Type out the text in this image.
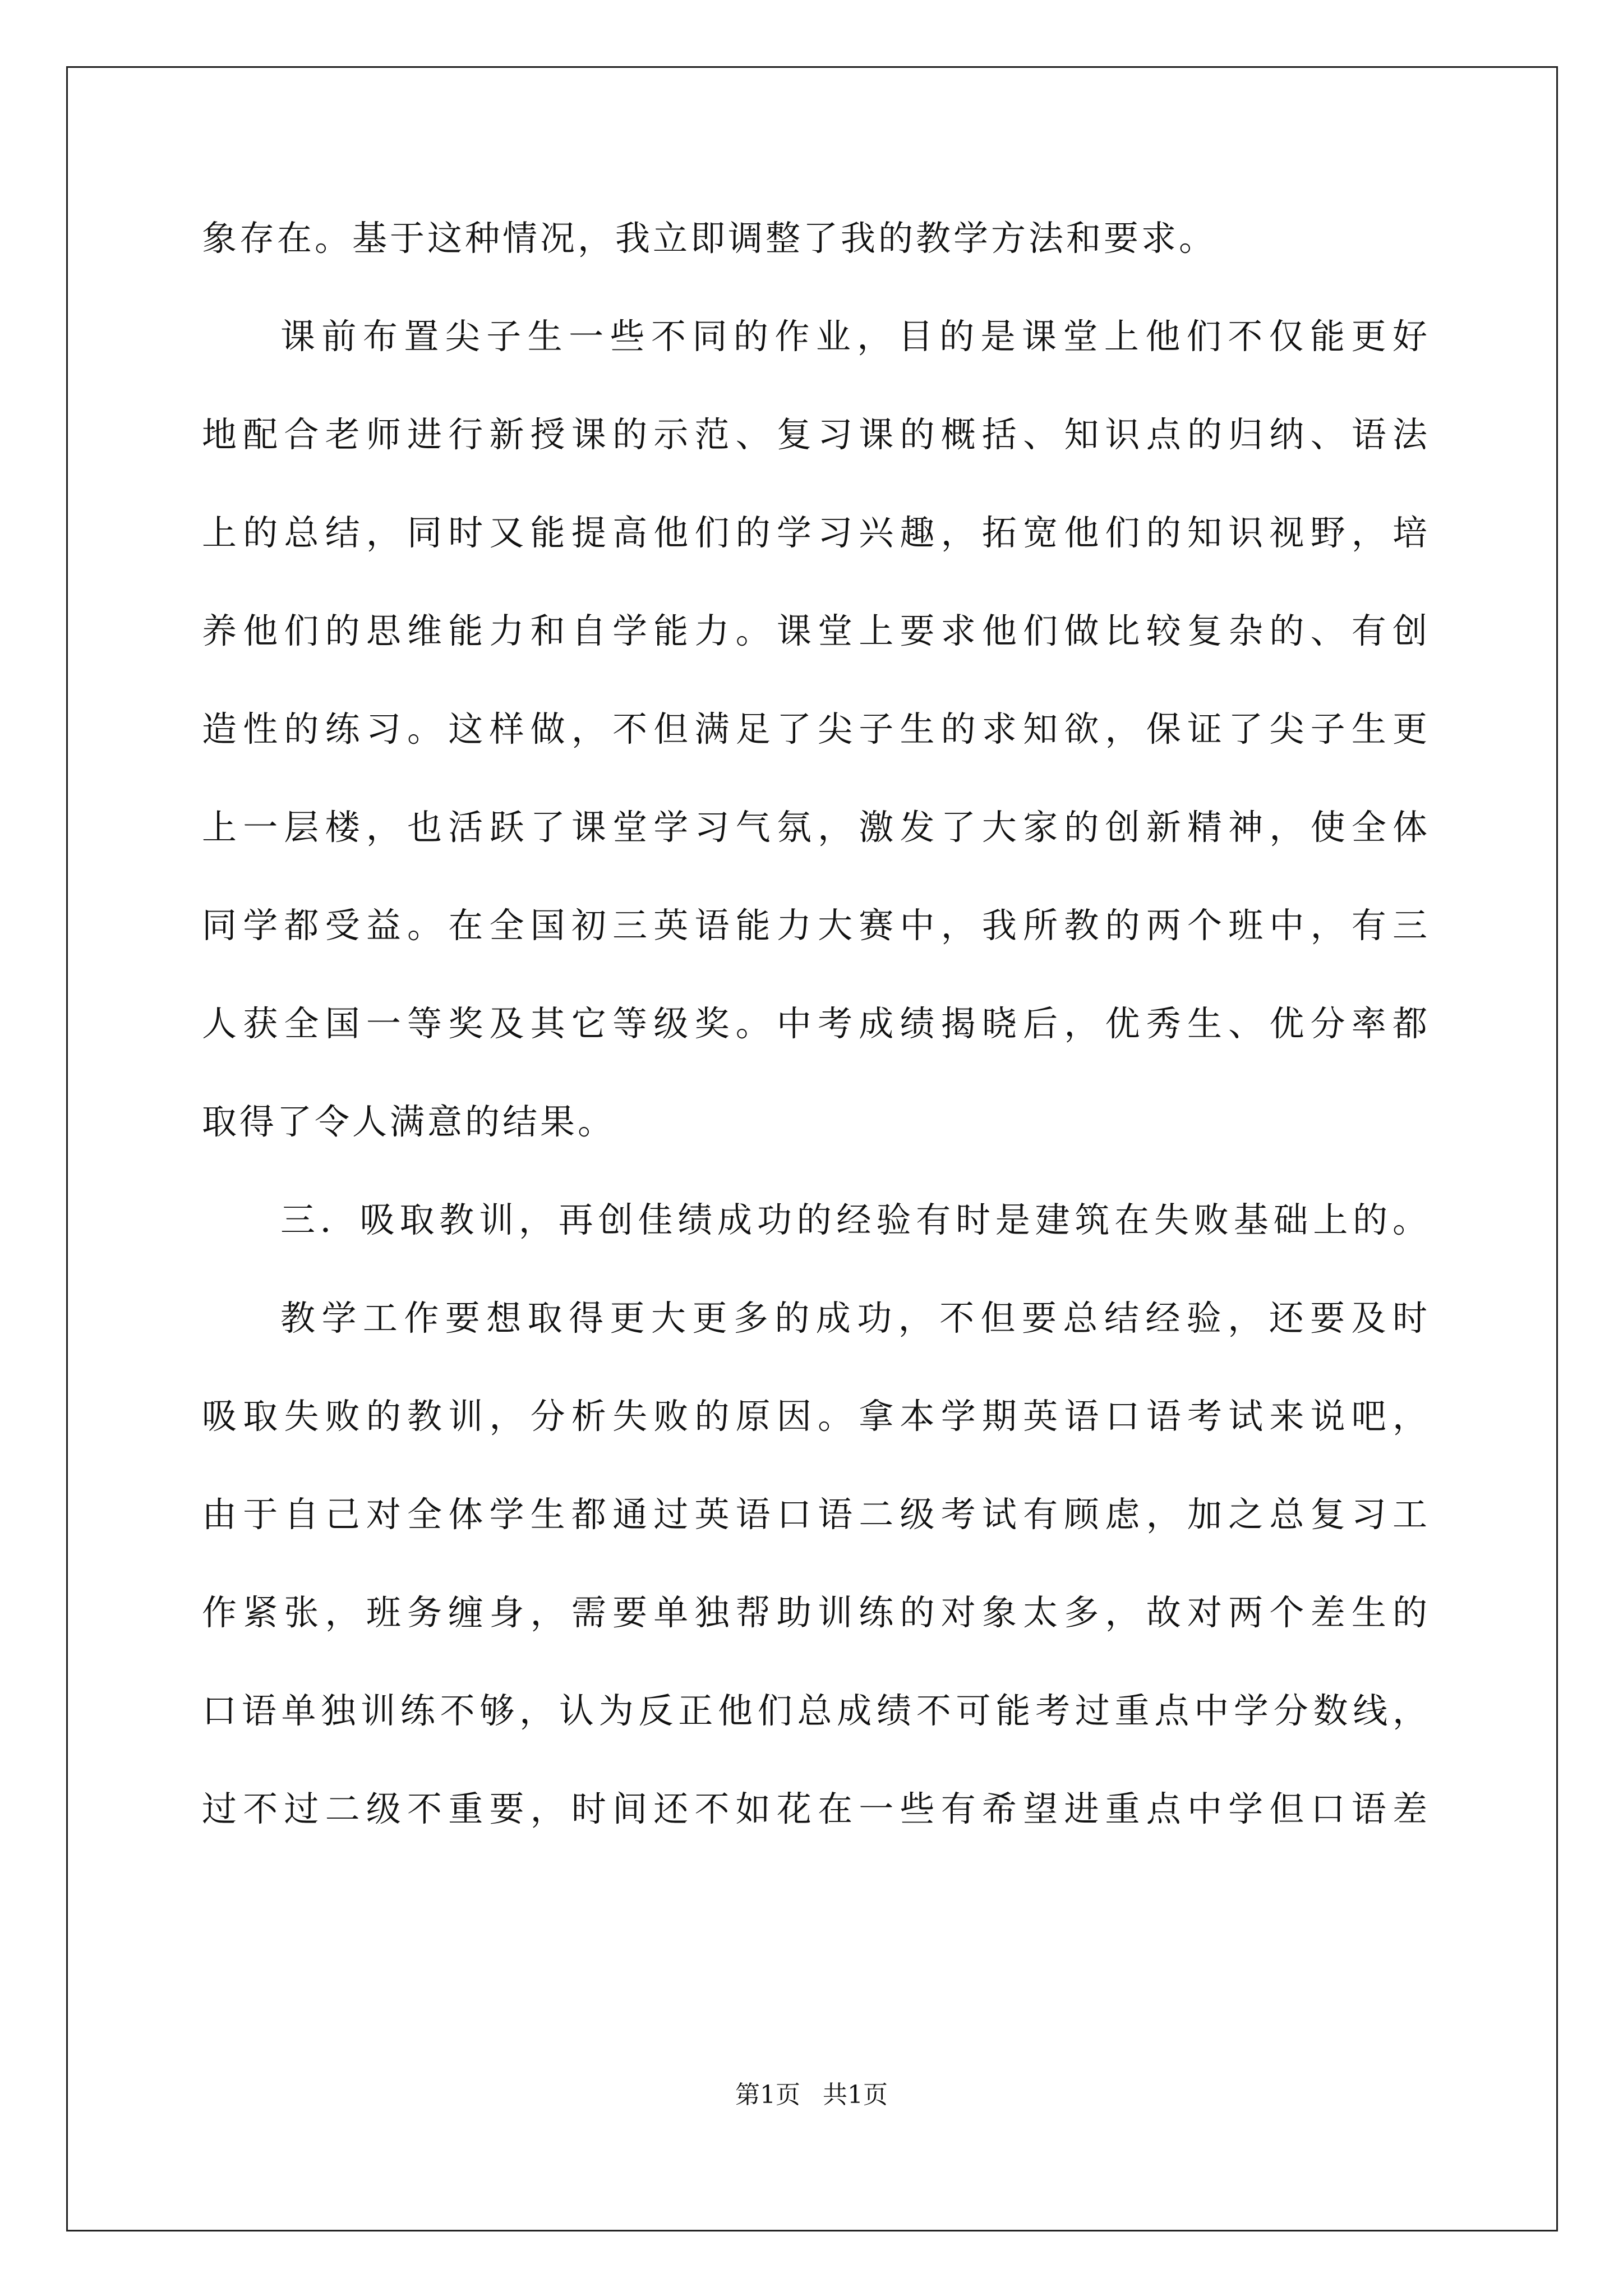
象存在。基于这种情况，我立即调整了我的教学方法和要求。
课前布置尖子生一些不同的作业，目的是课堂上他们不仅能更好
地配合老师进行新授课的示范、复习课的概括、知识点的归纳、语法
上的总结，同时又能提高他们的学习兴趣，拓宽他们的知识视野，培
养他们的思维能力和自学能力。课堂上要求他们做比较复杂的、有创
造性的练习。这样做，不但满足了尖子生的求知欲，保证了尖子生更
上一层楼，也活跃了课堂学习气氛，激发了大家的创新精神，使全体
同学都受益。在全国初三英语能力大赛中，我所教的两个班中，有三
人获全国一等奖及其它等级奖。中考成绩揭晓后，优秀生、优分率都
取得了令人满意的结果。
三．吸取教训，再创佳绩成功的经验有时是建筑在失败基础上的。
教学工作要想取得更大更多的成功，不但要总结经验，还要及时
吸取失败的教训，分析失败的原因。拿本学期英语口语考试来说吧，
由于自己对全体学生都通过英语口语二级考试有顾虑，加之总复习工
作紧张，班务缠身，需要单独帮助训练的对象太多，故对两个差生的
口语单独训练不够，认为反正他们总成绩不可能考过重点中学分数线，
过不过二级不重要，时间还不如花在一些有希望进重点中学但口语差
第1页 共1页
